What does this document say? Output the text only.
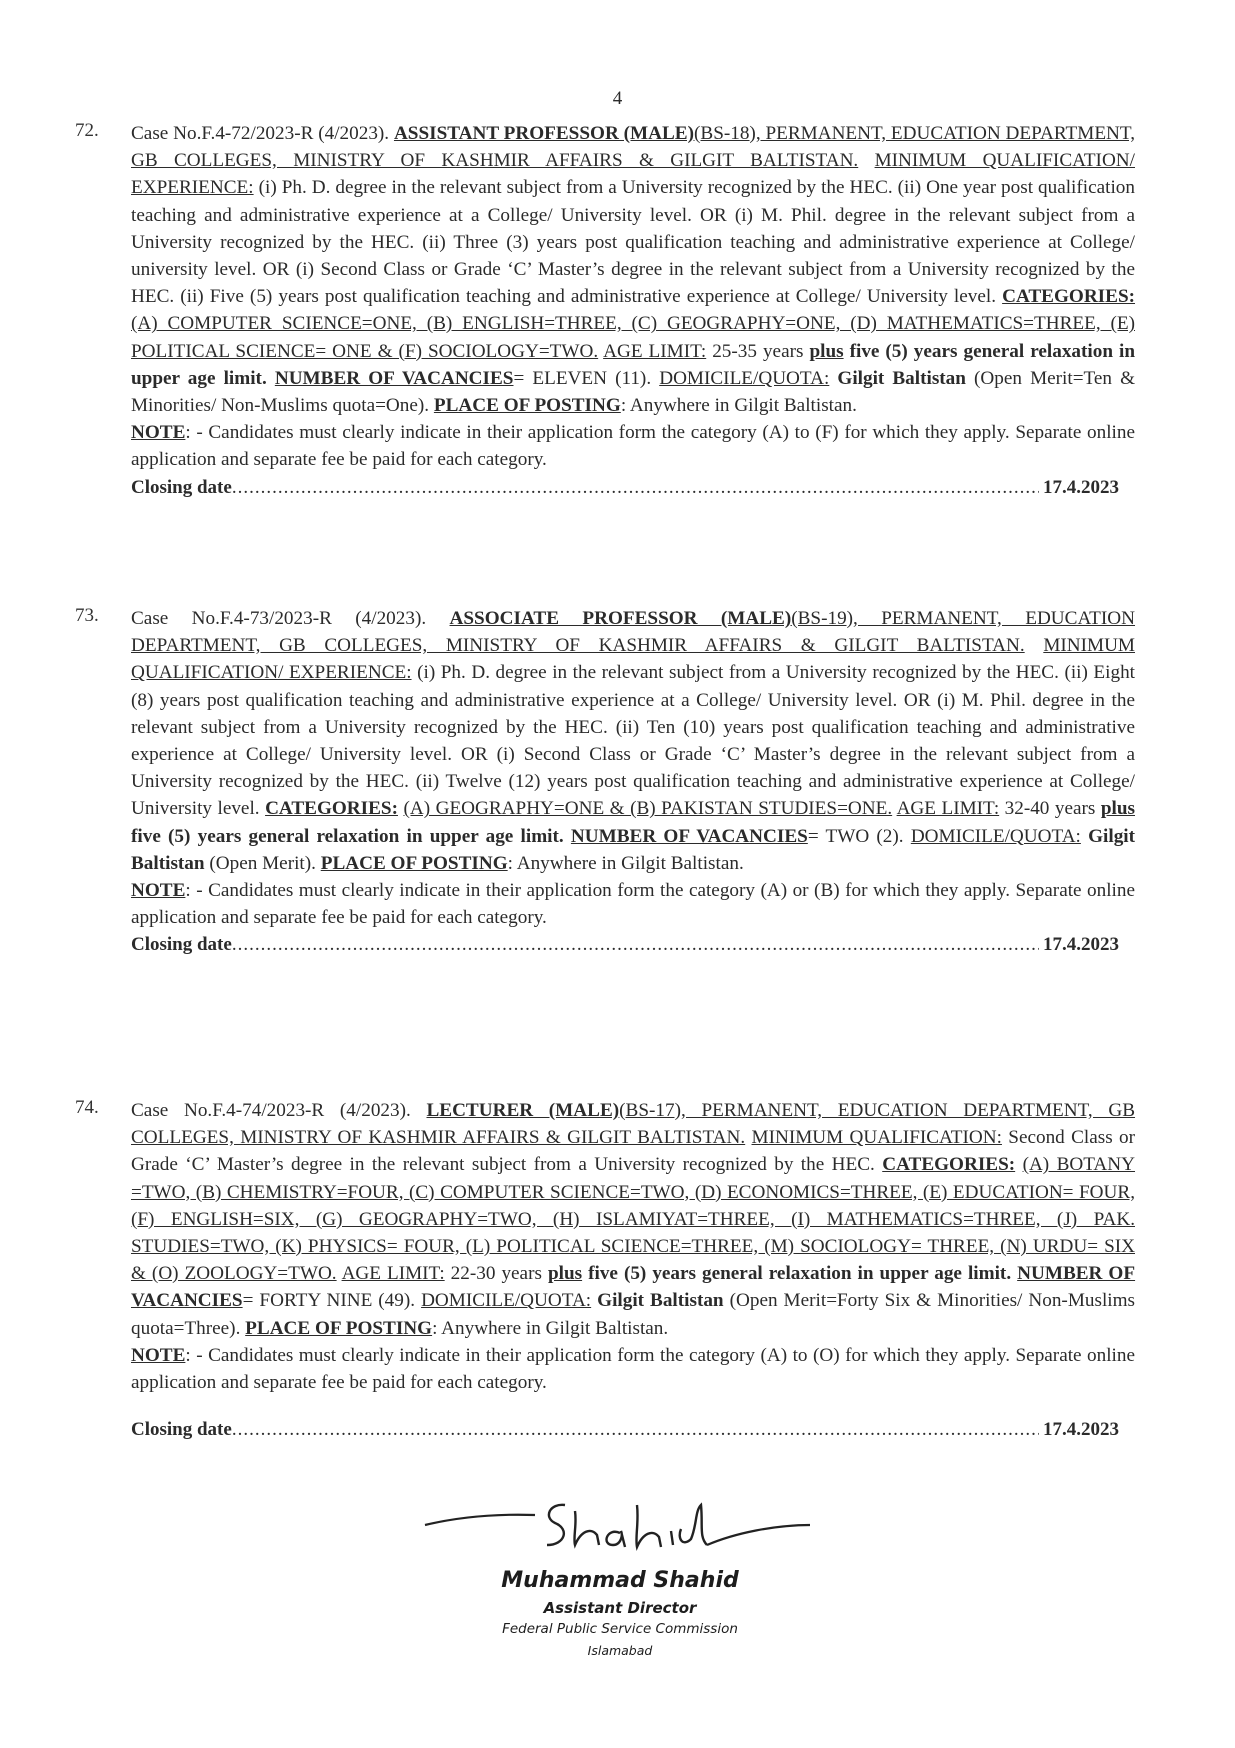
4
72. Case No.F.4-72/2023-R (4/2023). ASSISTANT PROFESSOR (MALE)(BS-18), PERMANENT, EDUCATION DEPARTMENT, GB COLLEGES, MINISTRY OF KASHMIR AFFAIRS & GILGIT BALTISTAN. MINIMUM QUALIFICATION/ EXPERIENCE: (i) Ph. D. degree in the relevant subject from a University recognized by the HEC. (ii) One year post qualification teaching and administrative experience at a College/ University level. OR (i) M. Phil. degree in the relevant subject from a University recognized by the HEC. (ii) Three (3) years post qualification teaching and administrative experience at College/ university level. OR (i) Second Class or Grade ‘C’ Master’s degree in the relevant subject from a University recognized by the HEC. (ii) Five (5) years post qualification teaching and administrative experience at College/ University level. CATEGORIES: (A) COMPUTER SCIENCE=ONE, (B) ENGLISH=THREE, (C) GEOGRAPHY=ONE, (D) MATHEMATICS=THREE, (E) POLITICAL SCIENCE= ONE & (F) SOCIOLOGY=TWO. AGE LIMIT: 25-35 years plus five (5) years general relaxation in upper age limit. NUMBER OF VACANCIES= ELEVEN (11). DOMICILE/QUOTA: Gilgit Baltistan (Open Merit=Ten & Minorities/ Non-Muslims quota=One). PLACE OF POSTING: Anywhere in Gilgit Baltistan.

NOTE: - Candidates must clearly indicate in their application form the category (A) to (F) for which they apply. Separate online application and separate fee be paid for each category.

Closing date .....	17.4.2023
73. Case No.F.4-73/2023-R (4/2023). ASSOCIATE PROFESSOR (MALE)(BS-19), PERMANENT, EDUCATION DEPARTMENT, GB COLLEGES, MINISTRY OF KASHMIR AFFAIRS & GILGIT BALTISTAN. MINIMUM QUALIFICATION/ EXPERIENCE: (i) Ph. D. degree in the relevant subject from a University recognized by the HEC. (ii) Eight (8) years post qualification teaching and administrative experience at a College/ University level. OR (i) M. Phil. degree in the relevant subject from a University recognized by the HEC. (ii) Ten (10) years post qualification teaching and administrative experience at College/ University level. OR (i) Second Class or Grade ‘C’ Master’s degree in the relevant subject from a University recognized by the HEC. (ii) Twelve (12) years post qualification teaching and administrative experience at College/ University level. CATEGORIES: (A) GEOGRAPHY=ONE & (B) PAKISTAN STUDIES=ONE. AGE LIMIT: 32-40 years plus five (5) years general relaxation in upper age limit. NUMBER OF VACANCIES= TWO (2). DOMICILE/QUOTA: Gilgit Baltistan (Open Merit). PLACE OF POSTING: Anywhere in Gilgit Baltistan.

NOTE: - Candidates must clearly indicate in their application form the category (A) or (B) for which they apply. Separate online application and separate fee be paid for each category.

Closing date .....	17.4.2023
74. Case No.F.4-74/2023-R (4/2023). LECTURER (MALE)(BS-17), PERMANENT, EDUCATION DEPARTMENT, GB COLLEGES, MINISTRY OF KASHMIR AFFAIRS & GILGIT BALTISTAN. MINIMUM QUALIFICATION: Second Class or Grade ‘C’ Master’s degree in the relevant subject from a University recognized by the HEC. CATEGORIES: (A) BOTANY =TWO, (B) CHEMISTRY=FOUR, (C) COMPUTER SCIENCE=TWO, (D) ECONOMICS=THREE, (E) EDUCATION= FOUR, (F) ENGLISH=SIX, (G) GEOGRAPHY=TWO, (H) ISLAMIYAT=THREE, (I) MATHEMATICS=THREE, (J) PAK. STUDIES=TWO, (K) PHYSICS= FOUR, (L) POLITICAL SCIENCE=THREE, (M) SOCIOLOGY= THREE, (N) URDU= SIX & (O) ZOOLOGY=TWO. AGE LIMIT: 22-30 years plus five (5) years general relaxation in upper age limit. NUMBER OF VACANCIES= FORTY NINE (49). DOMICILE/QUOTA: Gilgit Baltistan (Open Merit=Forty Six & Minorities/ Non-Muslims quota=Three). PLACE OF POSTING: Anywhere in Gilgit Baltistan.

NOTE: - Candidates must clearly indicate in their application form the category (A) to (O) for which they apply. Separate online application and separate fee be paid for each category.

Closing date .....	17.4.2023
Muhammad Shahid
Assistant Director
Federal Public Service Commission
Islamabad
